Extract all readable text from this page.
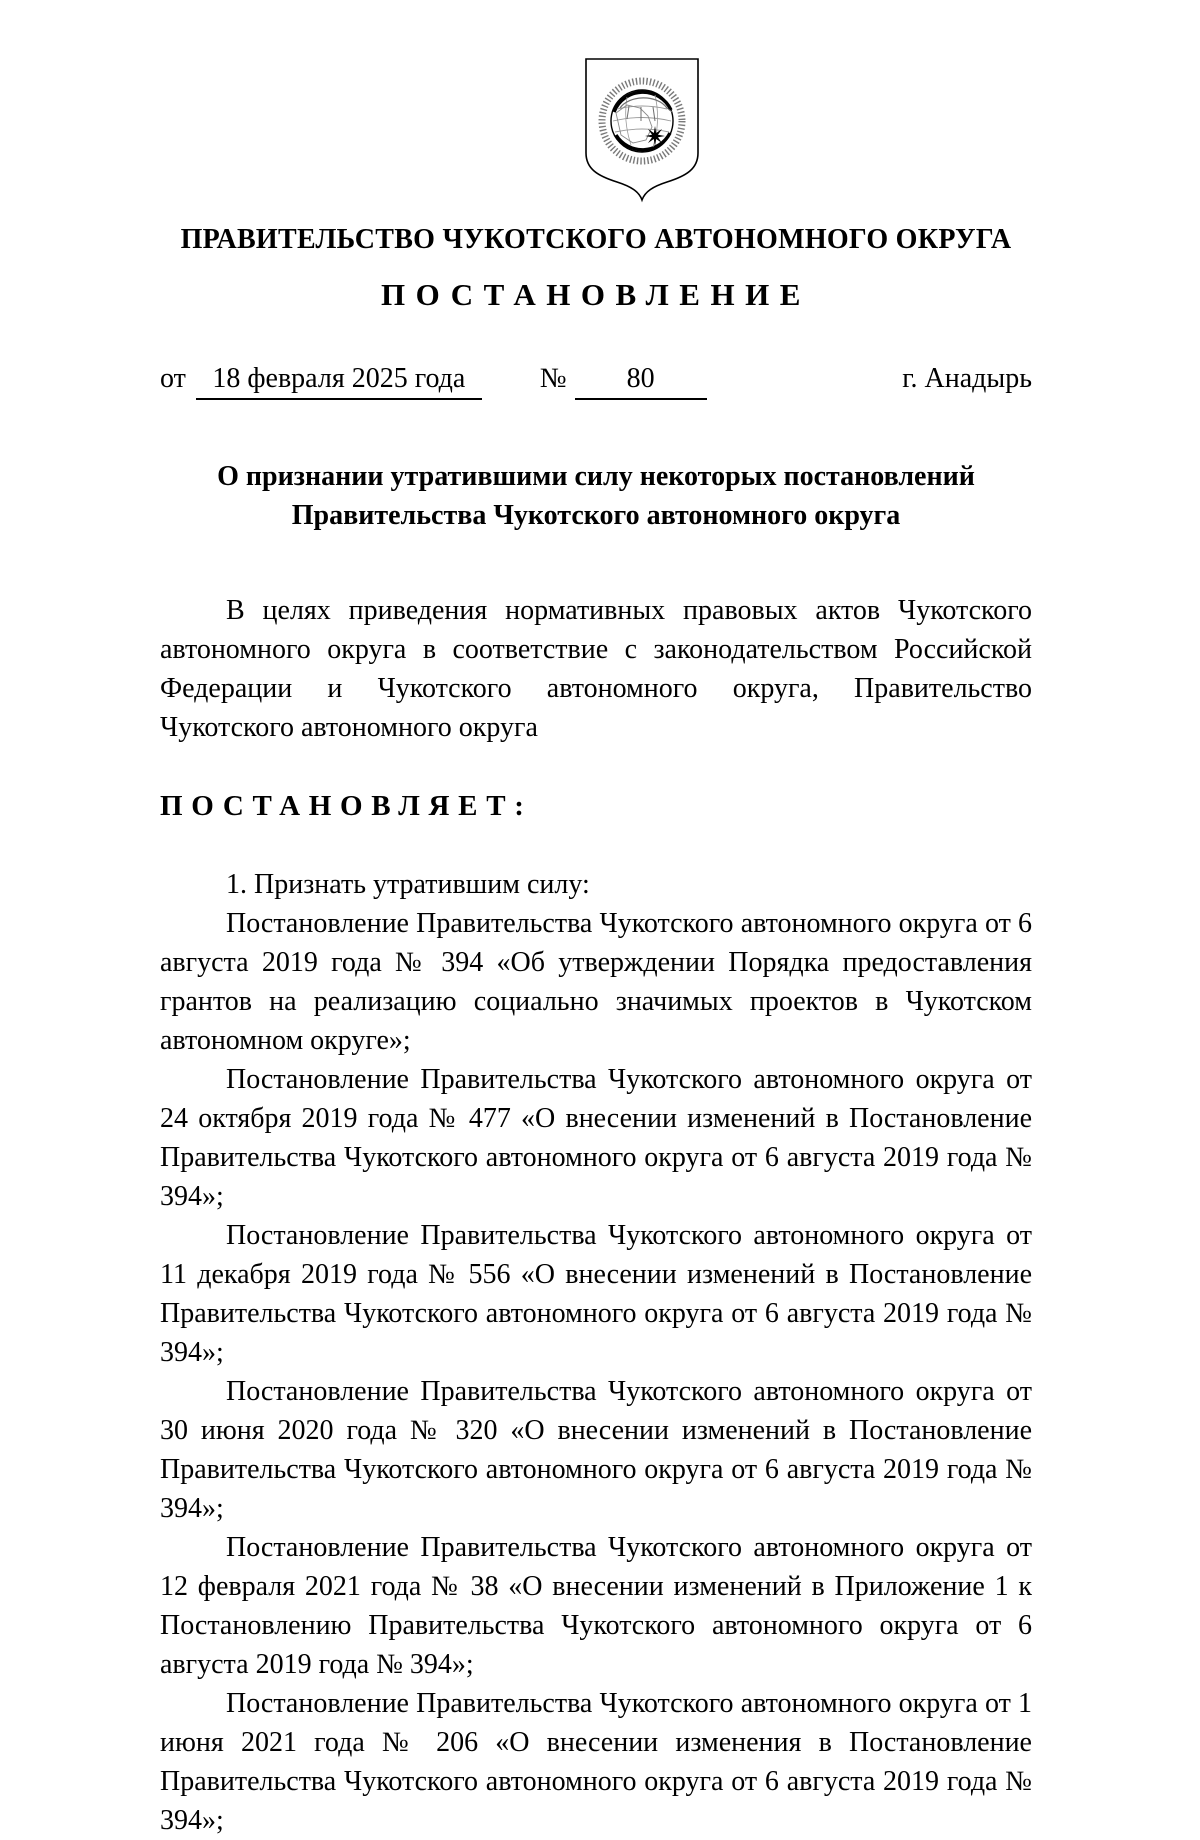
ПРАВИТЕЛЬСТВО ЧУКОТСКОГО АВТОНОМНОГО ОКРУГА
ПОСТАНОВЛЕНИЕ
от 18 февраля 2025 года	№	80	г. Анадырь
О признании утратившими силу некоторых постановлений
Правительства Чукотского автономного округа

В целях приведения нормативных правовых актов Чукотского автономного округа в соответствие с законодательством Российской Федерации и Чукотского автономного округа, Правительство Чукотского автономного округа

ПОСТАНОВЛЯЕТ:

1. Признать утратившим силу:

Постановление Правительства Чукотского автономного округа от 6 августа 2019 года № 394 «Об утверждении Порядка предоставления грантов на реализацию социально значимых проектов в Чукотском автономном округе»;

Постановление Правительства Чукотского автономного округа от 24 октября 2019 года № 477 «О внесении изменений в Постановление Правительства Чукотского автономного округа от 6 августа 2019 года № 394»;

Постановление Правительства Чукотского автономного округа от 11 декабря 2019 года № 556 «О внесении изменений в Постановление Правительства Чукотского автономного округа от 6 августа 2019 года № 394»;

Постановление Правительства Чукотского автономного округа от 30 июня 2020 года № 320 «О внесении изменений в Постановление Правительства Чукотского автономного округа от 6 августа 2019 года № 394»;

Постановление Правительства Чукотского автономного округа от 12 февраля 2021 года № 38 «О внесении изменений в Приложение 1 к Постановлению Правительства Чукотского автономного округа от 6 августа 2019 года № 394»;

Постановление Правительства Чукотского автономного округа от 1 июня 2021 года № 206 «О внесении изменения в Постановление Правительства Чукотского автономного округа от 6 августа 2019 года № 394»;
